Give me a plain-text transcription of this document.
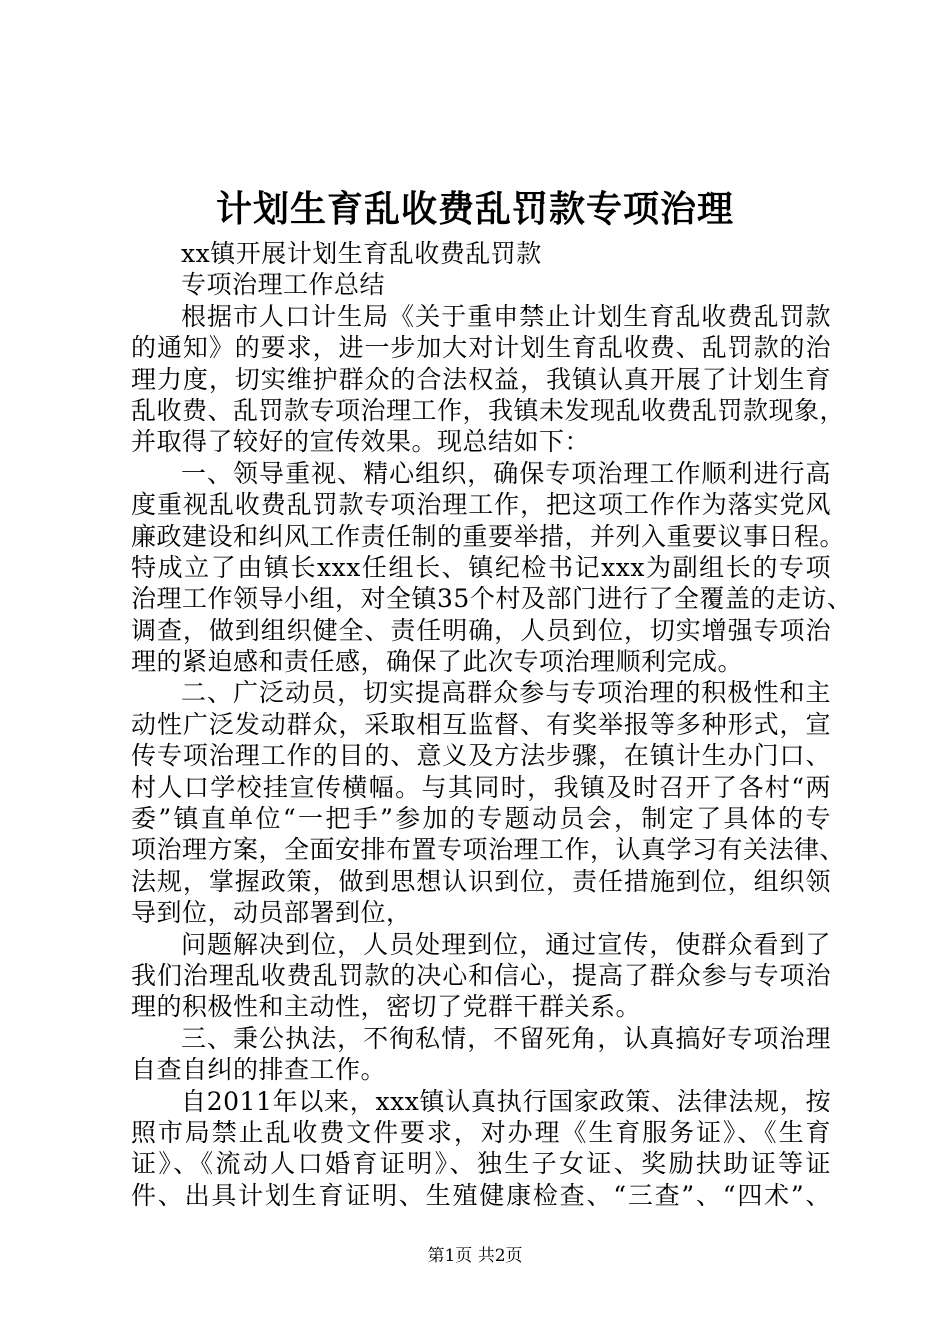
计划生育乱收费乱罚款专项治理
xx镇开展计划生育乱收费乱罚款
专项治理工作总结
根据市人口计生局《关于重申禁止计划生育乱收费乱罚款
的通知》的要求，进一步加大对计划生育乱收费、乱罚款的治
理力度，切实维护群众的合法权益，我镇认真开展了计划生育
乱收费、乱罚款专项治理工作，我镇未发现乱收费乱罚款现象，
并取得了较好的宣传效果。现总结如下：
一、领导重视、精心组织，确保专项治理工作顺利进行高
度重视乱收费乱罚款专项治理工作，把这项工作作为落实党风
廉政建设和纠风工作责任制的重要举措，并列入重要议事日程。
特成立了由镇长xxx任组长、镇纪检书记xxx为副组长的专项
治理工作领导小组，对全镇35个村及部门进行了全覆盖的走访、
调查，做到组织健全、责任明确，人员到位，切实增强专项治
理的紧迫感和责任感，确保了此次专项治理顺利完成。
二、广泛动员，切实提高群众参与专项治理的积极性和主
动性广泛发动群众，采取相互监督、有奖举报等多种形式，宣
传专项治理工作的目的、意义及方法步骤，在镇计生办门口、
村人口学校挂宣传横幅。与其同时，我镇及时召开了各村“两
委”镇直单位“一把手”参加的专题动员会，制定了具体的专
项治理方案，全面安排布置专项治理工作，认真学习有关法律、
法规，掌握政策，做到思想认识到位，责任措施到位，组织领
导到位，动员部署到位，
问题解决到位，人员处理到位，通过宣传，使群众看到了
我们治理乱收费乱罚款的决心和信心，提高了群众参与专项治
理的积极性和主动性，密切了党群干群关系。
三、秉公执法，不徇私情，不留死角，认真搞好专项治理
自查自纠的排查工作。
自2011年以来，xxx镇认真执行国家政策、法律法规，按
照市局禁止乱收费文件要求，对办理《生育服务证》、《生育
证》、《流动人口婚育证明》、独生子女证、奖励扶助证等证
件、出具计划生育证明、生殖健康检查、“三查”、“四术”、
第1页 共2页
